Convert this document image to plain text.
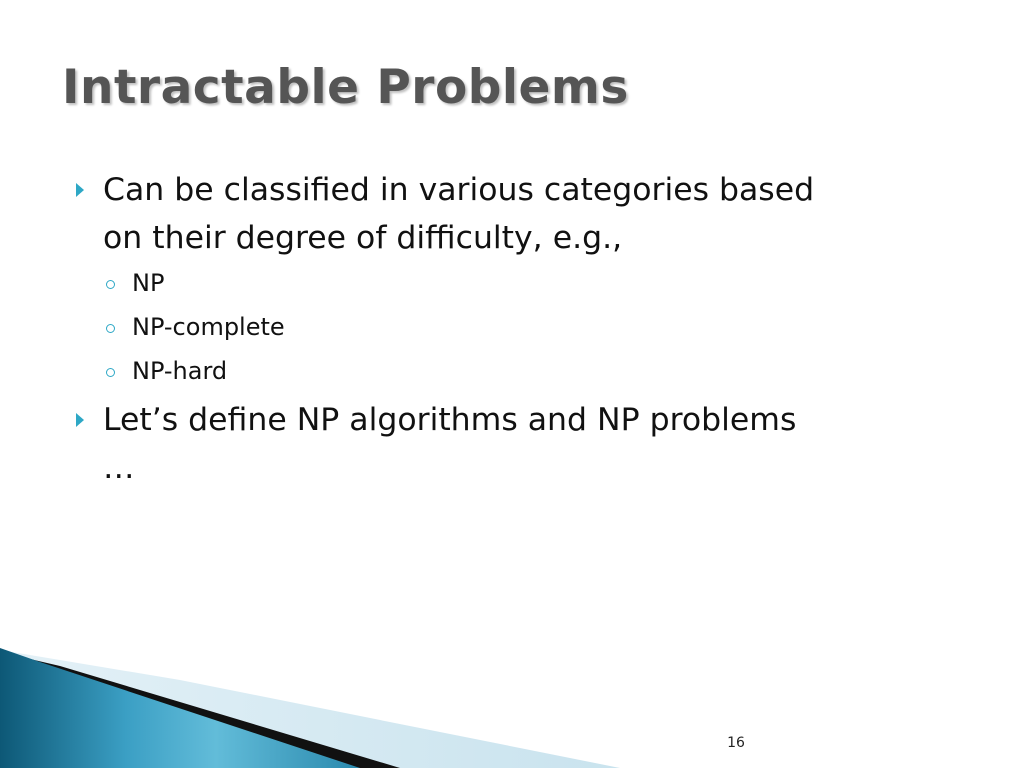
Intractable Problems
Can be classified in various categories based
on their degree of difficulty, e.g.,
NP
NP-complete
NP-hard
Let’s define NP algorithms and NP problems
…
16
